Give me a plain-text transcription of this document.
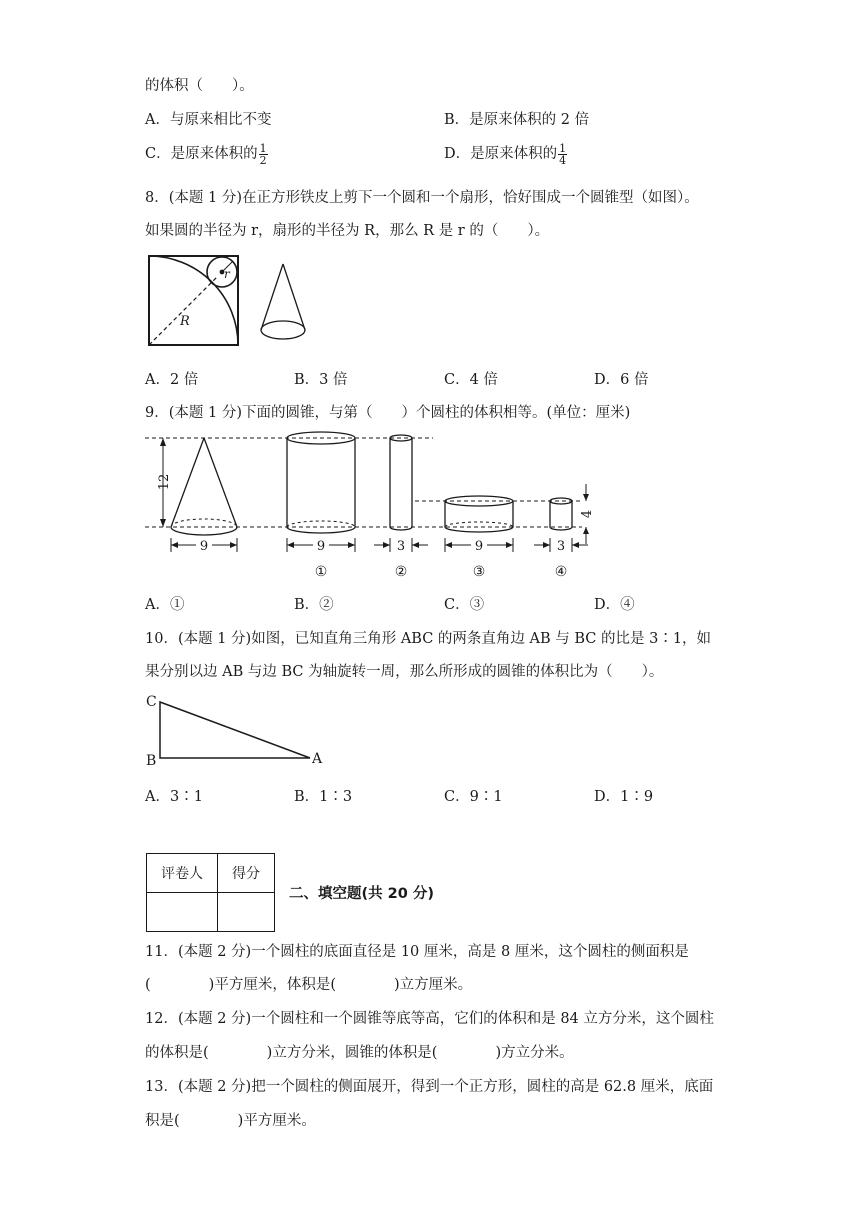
的体积（　　）。
A．与原来相比不变	B．是原来体积的 2 倍
C．是原来体积的 $\frac{1}{2}$	D．是原来体积的 $\frac{1}{4}$
8．(本题 1 分)在正方形铁皮上剪下一个圆和一个扇形，恰好围成一个圆锥型（如图）。
如果圆的半径为 r，扇形的半径为 R，那么 R 是 r 的（　　）。
R
r
A．2 倍	B．3 倍	C．4 倍	D．6 倍
9．(本题 1 分)下面的圆锥，与第（　　）个圆柱的体积相等。(单位：厘米)
12
9	9
①
3
②
9
③
3
④
4
A．①	B．②	C．③	D．④
10．(本题 1 分)如图，已知直角三角形 ABC 的两条直角边 AB 与 BC 的比是 3∶1，如
果分别以边 AB 与边 BC 为轴旋转一周，那么所形成的圆锥的体积比为（　　）。
C
B	A
A．3∶1	B．1∶3	C．9∶1	D．1∶9
评卷人	得分

二、填空题(共 20 分)
11．(本题 2 分)一个圆柱的底面直径是 10 厘米，高是 8 厘米，这个圆柱的侧面积是
(　　　　)平方厘米，体积是(　　　　)立方厘米。
12．(本题 2 分)一个圆柱和一个圆锥等底等高，它们的体积和是 84 立方分米，这个圆柱
的体积是(　　　　)立方分米，圆锥的体积是(　　　　)方立分米。
13．(本题 2 分)把一个圆柱的侧面展开，得到一个正方形，圆柱的高是 62.8 厘米，底面
积是(　　　　)平方厘米。
